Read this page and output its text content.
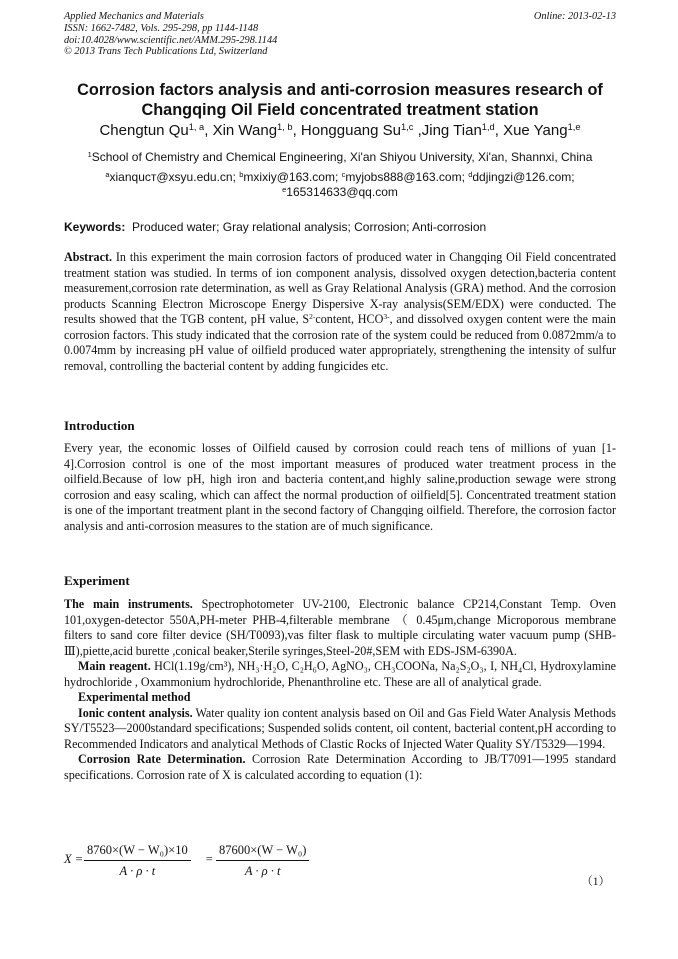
Applied Mechanics and Materials
ISSN: 1662-7482, Vols. 295-298, pp 1144-1148
doi:10.4028/www.scientific.net/AMM.295-298.1144
© 2013 Trans Tech Publications Ltd, Switzerland
Online: 2013-02-13
Corrosion factors analysis and anti-corrosion measures research of
Changqing Oil Field concentrated treatment station
Chengtun Qu$^{1, a}$, Xin Wang$^{1, b}$, Hongguang Su$^{1,c}$ ,Jing Tian$^{1,d}$, Xue Yang$^{1,e}$
$^1$School of Chemistry and Chemical Engineering, Xi'an Shiyou University, Xi'an, Shannxi, China
$^a$xianqucт@xsyu.edu.cn; $^b$mxixiy@163.com; $^c$myjobs888@163.com; $^d$ddjingzi@126.com;
$^e$165314633@qq.com
Keywords: Produced water; Gray relational analysis; Corrosion; Anti-corrosion
Abstract. In this experiment the main corrosion factors of produced water in Changqing Oil Field concentrated treatment station was studied. In terms of ion component analysis, dissolved oxygen detection,bacteria content measurement,corrosion rate determination, as well as Gray Relational Analysis (GRA) method. And the corrosion products Scanning Electron Microscope Energy Dispersive X-ray analysis(SEM/EDX) were conducted. The results showed that the TGB content, pH value, $S^{2-}content$, $HCO^{3-}$, and dissolved oxygen content were the main corrosion factors. This study indicated that the corrosion rate of the system could be reduced from 0.0872mm/a to 0.0074mm by increasing pH value of oilfield produced water appropriately, strengthening the intensity of sulfur removal, controlling the bacterial content by adding fungicides etc.
Introduction
Every year, the economic losses of Oilfield caused by corrosion could reach tens of millions of yuan [1-4].Corrosion control is one of the most important measures of produced water treatment process in the oilfield.Because of low pH, high iron and bacteria content,and highly saline,production sewage were strong corrosion and easy scaling, which can affect the normal production of oilfield[5]. Concentrated treatment station is one of the important treatment plant in the second factory of Changqing oilfield. Therefore, the corrosion factor analysis and anti-corrosion measures to the station are of much significance.
Experiment

The main instruments. Spectrophotometer UV-2100, Electronic balance CP214,Constant Temp. Oven 101,oxygen-detector 550A,PH-meter PHB-4,filterable membrane （ 0.45μm,change Microporous membrane filters to sand core filter device (SH/T0093),vas filter flask to multiple circulating water vacuum pump (SHB-Ⅲ),piette,acid burette ,conical beaker,Sterile syringes,Steel-20#,SEM with EDS-JSM-6390A.

Main reagent. HCl(1.19g/cm³), NH₃·H₂O, C₂H₆O, AgNO₃, CH₃COONa, Na₂S₂O₃, I, NH₄Cl, Hydroxylamine hydrochloride , Oxammonium hydrochloride, Phenanthroline etc. These are all of analytical grade.

Experimental method

Ionic content analysis. Water quality ion content analysis based on Oil and Gas Field Water Analysis Methods SY/T5523—2000standard specifications; Suspended solids content, oil content, bacterial content,pH according to Recommended Indicators and analytical Methods of Clastic Rocks of Injected Water Quality SY/T5329—1994.

Corrosion Rate Determination. Corrosion Rate Determination According to JB/T7091—1995 standard specifications. Corrosion rate of X is calculated according to equation (1):

$X = \frac{\text{8760×(W − W₀)×10}}{A \cdot \rho \cdot t} = \frac{\text{87600×(W − W₀)}}{A \cdot \rho \cdot t}$
（1）
